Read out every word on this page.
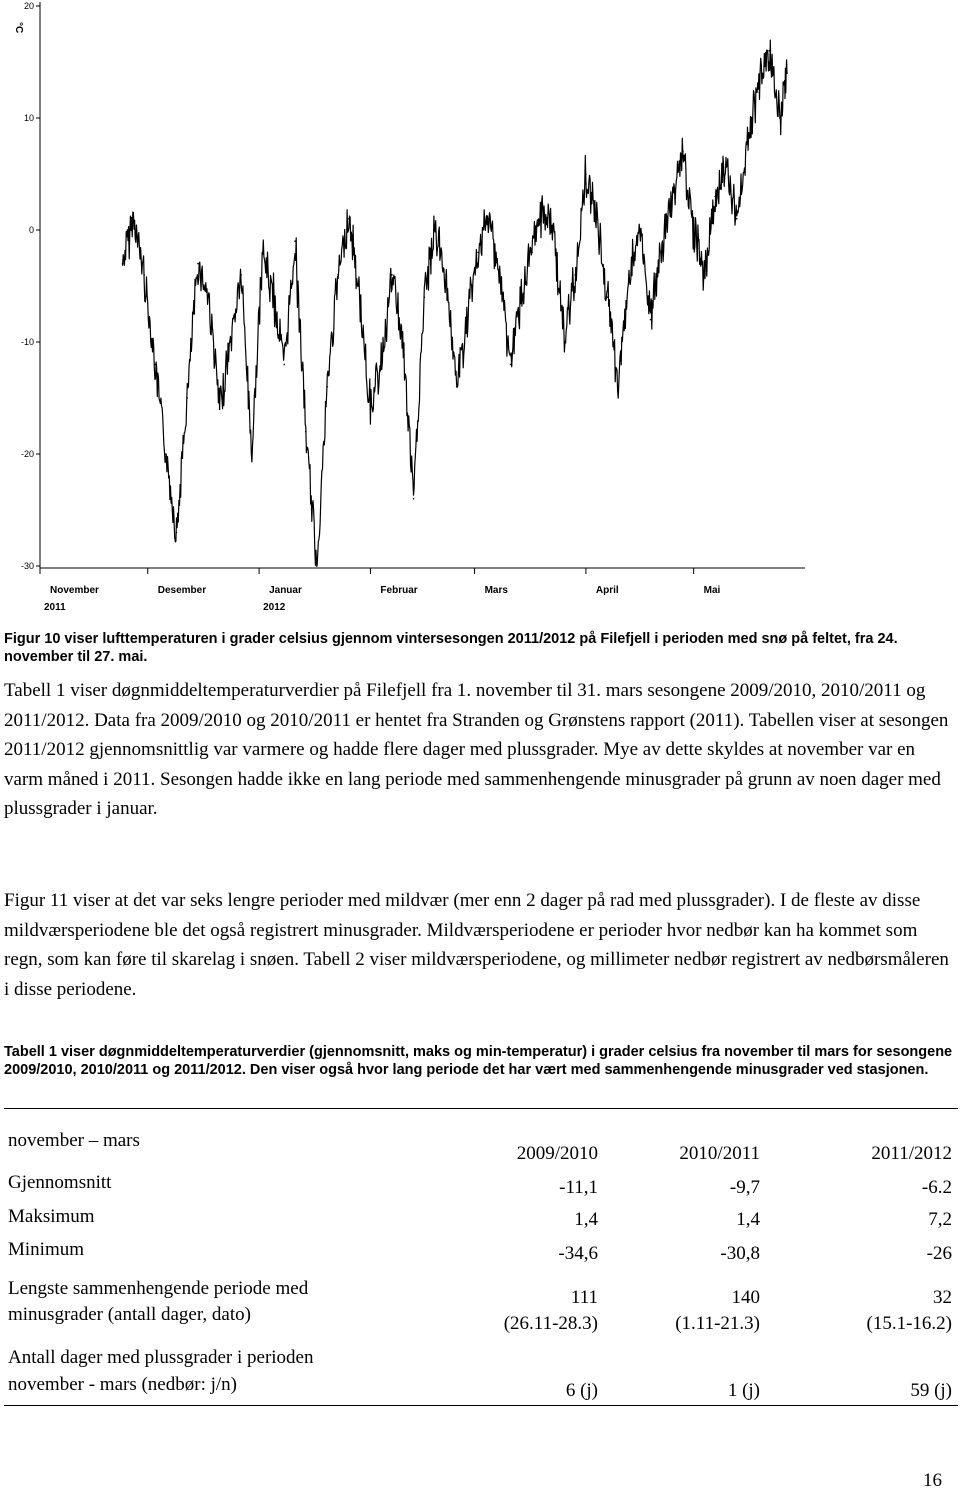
°C
20
10
0
-10
-20
-30
November	Desember	Januar	Februar	Mars	April	Mai
2011	2012
Figur 10 viser lufttemperaturen i grader celsius gjennom vintersesongen 2011/2012 på Filefjell i perioden med snø på feltet, fra 24. november til 27. mai.
Tabell 1 viser døgnmiddeltemperaturverdier på Filefjell fra 1. november til 31. mars sesongene 2009/2010, 2010/2011 og 2011/2012. Data fra 2009/2010 og 2010/2011 er hentet fra Stranden og Grønstens rapport (2011). Tabellen viser at sesongen 2011/2012 gjennomsnittlig var varmere og hadde flere dager med plussgrader. Mye av dette skyldes at november var en varm måned i 2011. Sesongen hadde ikke en lang periode med sammenhengende minusgrader på grunn av noen dager med plussgrader i januar.
Figur 11 viser at det var seks lengre perioder med mildvær (mer enn 2 dager på rad med plussgrader). I de fleste av disse mildværsperiodene ble det også registrert minusgrader. Mildværsperiodene er perioder hvor nedbør kan ha kommet som regn, som kan føre til skarelag i snøen. Tabell 2 viser mildværsperiodene, og millimeter nedbør registrert av nedbørsmåleren i disse periodene.
Tabell 1 viser døgnmiddeltemperaturverdier (gjennomsnitt, maks og min-temperatur) i grader celsius fra november til mars for sesongene 2009/2010, 2010/2011 og 2011/2012. Den viser også hvor lang periode det har vært med sammenhengende minusgrader ved stasjonen.
november – mars
2009/2010	2010/2011	2011/2012
Gjennomsnitt	-11,1	-9,7	-6.2
Maksimum	1,4	1,4	7,2
Minimum	-34,6	-30,8	-26
Lengste sammenhengende periode med
minusgrader (antall dager, dato)
111	140	32
(26.11-28.3)	(1.11-21.3)	(15.1-16.2)
Antall dager med plussgrader i perioden
november - mars (nedbør: j/n)	6 (j)	1 (j)	59 (j)
16
